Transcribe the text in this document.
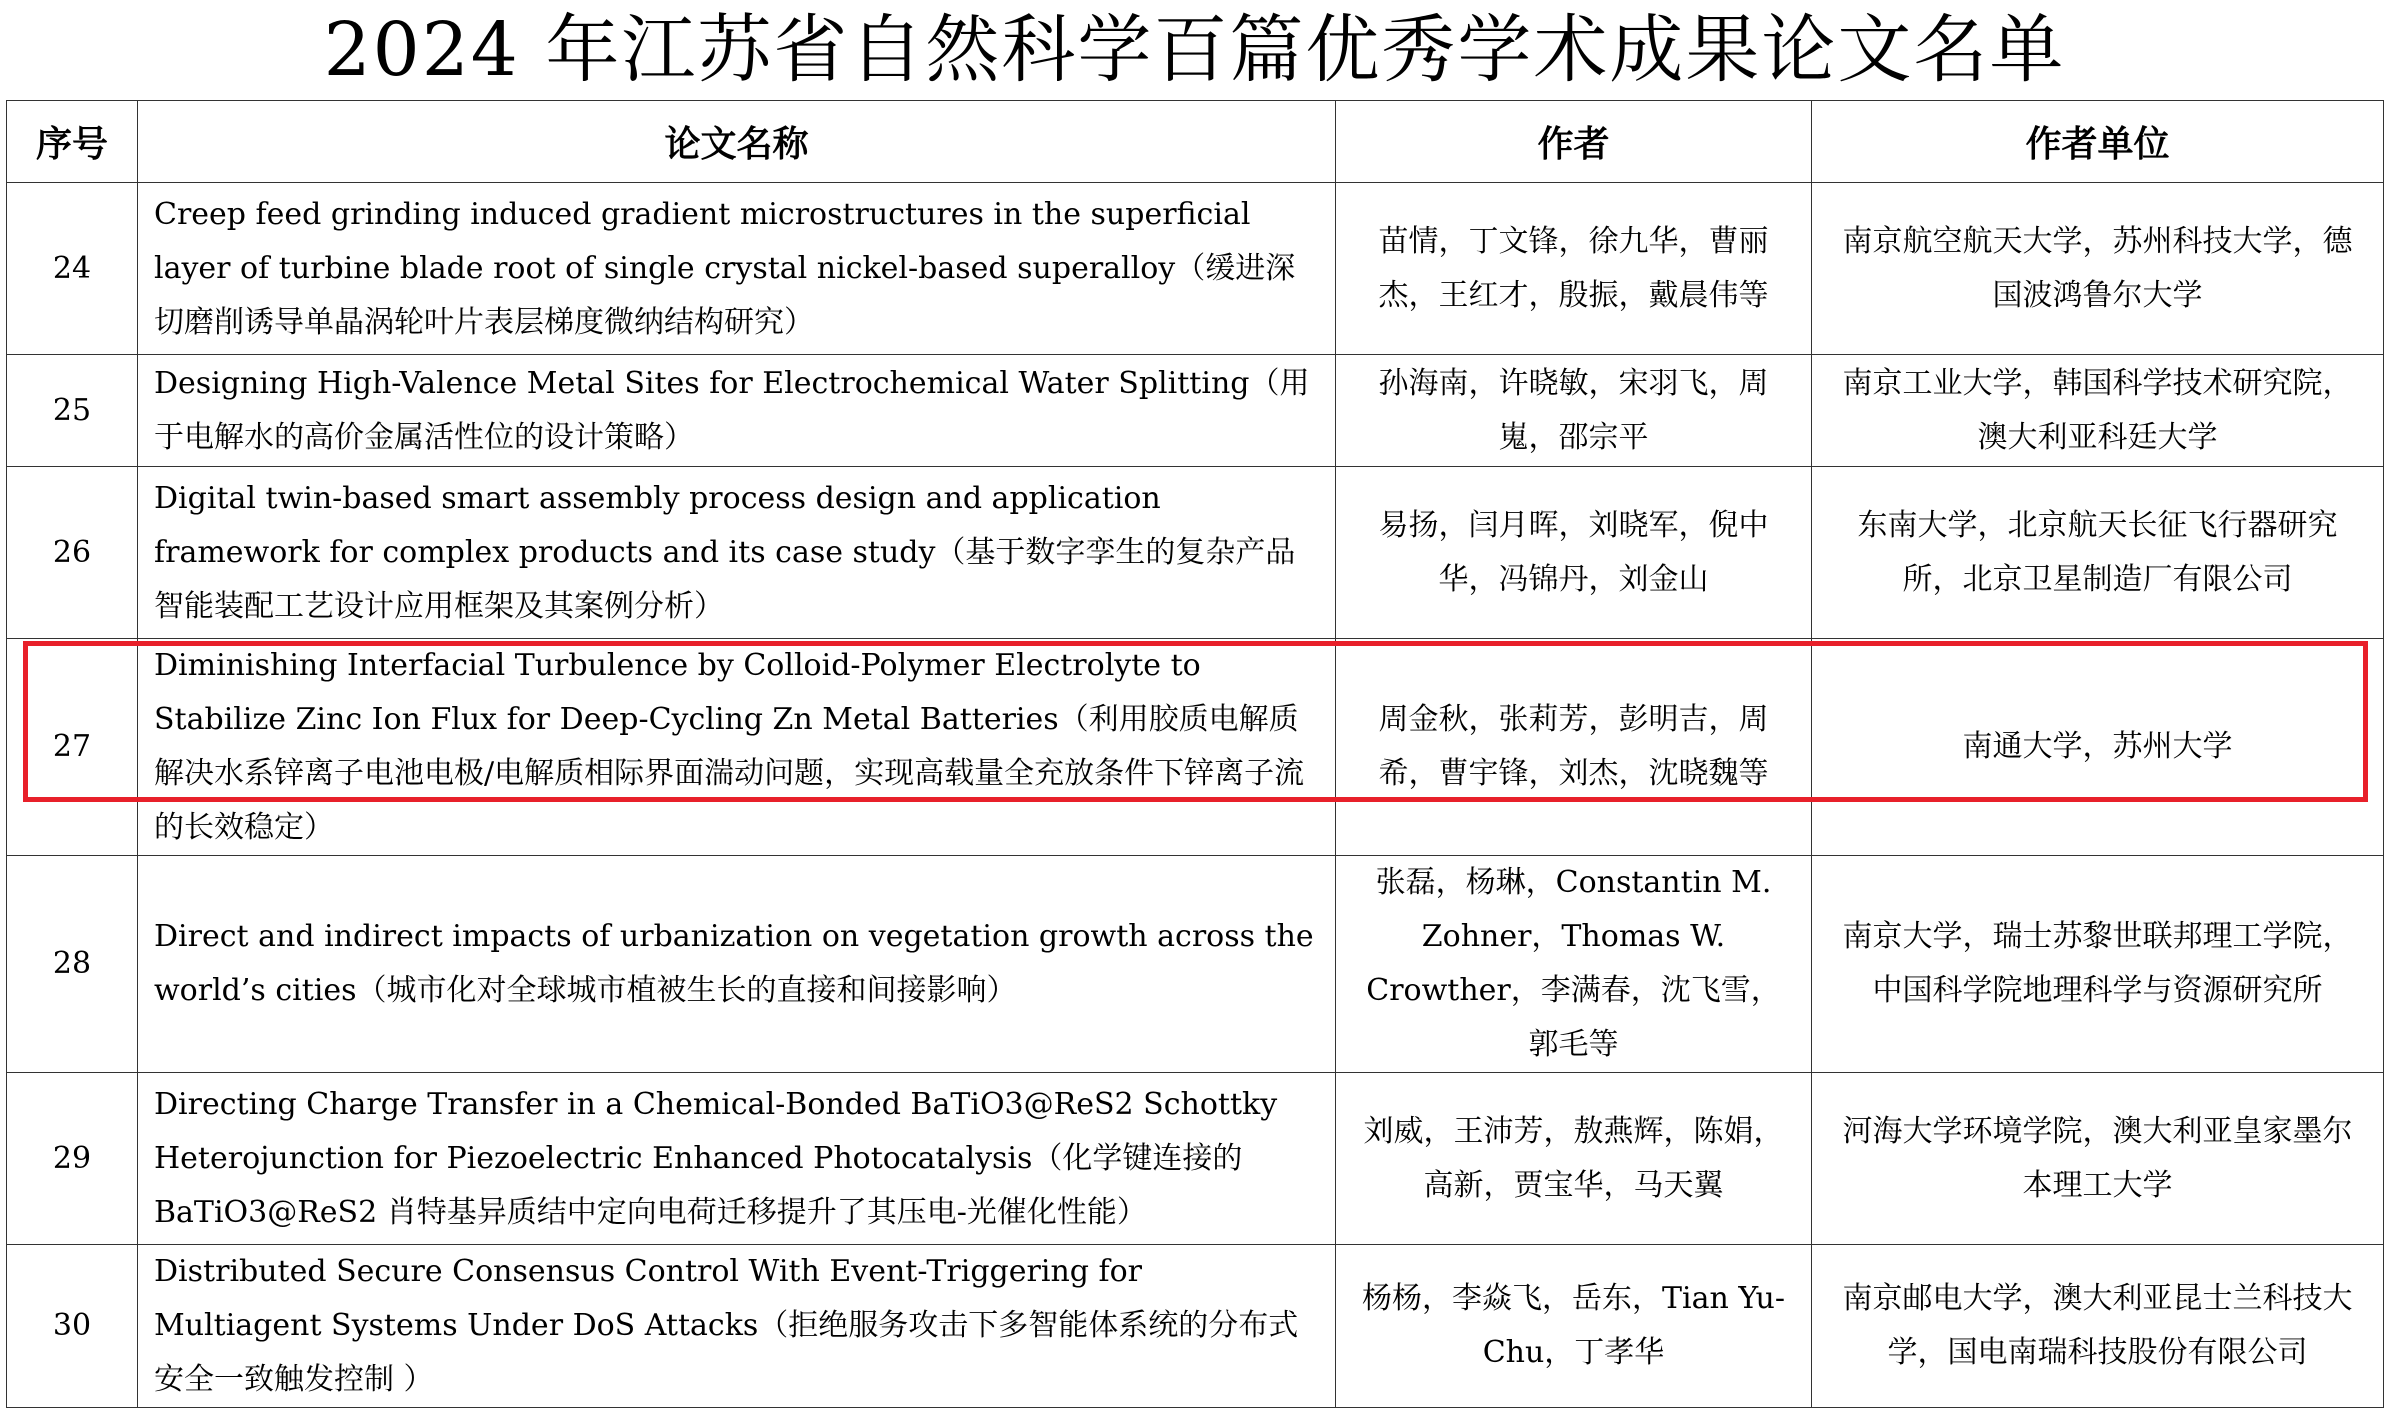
2024 年江苏省自然科学百篇优秀学术成果论文名单
序号	论文名称	作者	作者单位
24	Creep feed grinding induced gradient microstructures in the superficial layer of turbine blade root of single crystal nickel-based superalloy（缓进深切磨削诱导单晶涡轮叶片表层梯度微纳结构研究）	苗情，丁文锋，徐九华，曹丽杰，王红才，殷振，戴晨伟等	南京航空航天大学，苏州科技大学，德国波鸿鲁尔大学
25	Designing High-Valence Metal Sites for Electrochemical Water Splitting（用于电解水的高价金属活性位的设计策略）	孙海南，许晓敏，宋羽飞，周嵬，邵宗平	南京工业大学，韩国科学技术研究院，澳大利亚科廷大学
26	Digital twin-based smart assembly process design and application framework for complex products and its case study（基于数字孪生的复杂产品智能装配工艺设计应用框架及其案例分析）	易扬，闫月晖，刘晓军，倪中华，冯锦丹，刘金山	东南大学，北京航天长征飞行器研究所，北京卫星制造厂有限公司
27	Diminishing Interfacial Turbulence by Colloid-Polymer Electrolyte to Stabilize Zinc Ion Flux for Deep-Cycling Zn Metal Batteries（利用胶质电解质解决水系锌离子电池电极/电解质相际界面湍动问题，实现高载量全充放条件下锌离子流的长效稳定）	周金秋，张莉芳，彭明吉，周希，曹宇锋，刘杰，沈晓魏等	南通大学，苏州大学
28	Direct and indirect impacts of urbanization on vegetation growth across the world’s cities（城市化对全球城市植被生长的直接和间接影响）	张磊，杨琳，Constantin M. Zohner，Thomas W. Crowther，李满春，沈飞雪，郭毛等	南京大学，瑞士苏黎世联邦理工学院，中国科学院地理科学与资源研究所
29	Directing Charge Transfer in a Chemical-Bonded BaTiO3@ReS2 Schottky Heterojunction for Piezoelectric Enhanced Photocatalysis（化学键连接的 BaTiO3@ReS2 肖特基异质结中定向电荷迁移提升了其压电-光催化性能）	刘威，王沛芳，敖燕辉，陈娟，高新，贾宝华，马天翼	河海大学环境学院，澳大利亚皇家墨尔本理工大学
30	Distributed Secure Consensus Control With Event-Triggering for Multiagent Systems Under DoS Attacks（拒绝服务攻击下多智能体系统的分布式安全一致触发控制 ）	杨杨，李焱飞，岳东，Tian Yu-Chu，丁孝华	南京邮电大学，澳大利亚昆士兰科技大学，国电南瑞科技股份有限公司
